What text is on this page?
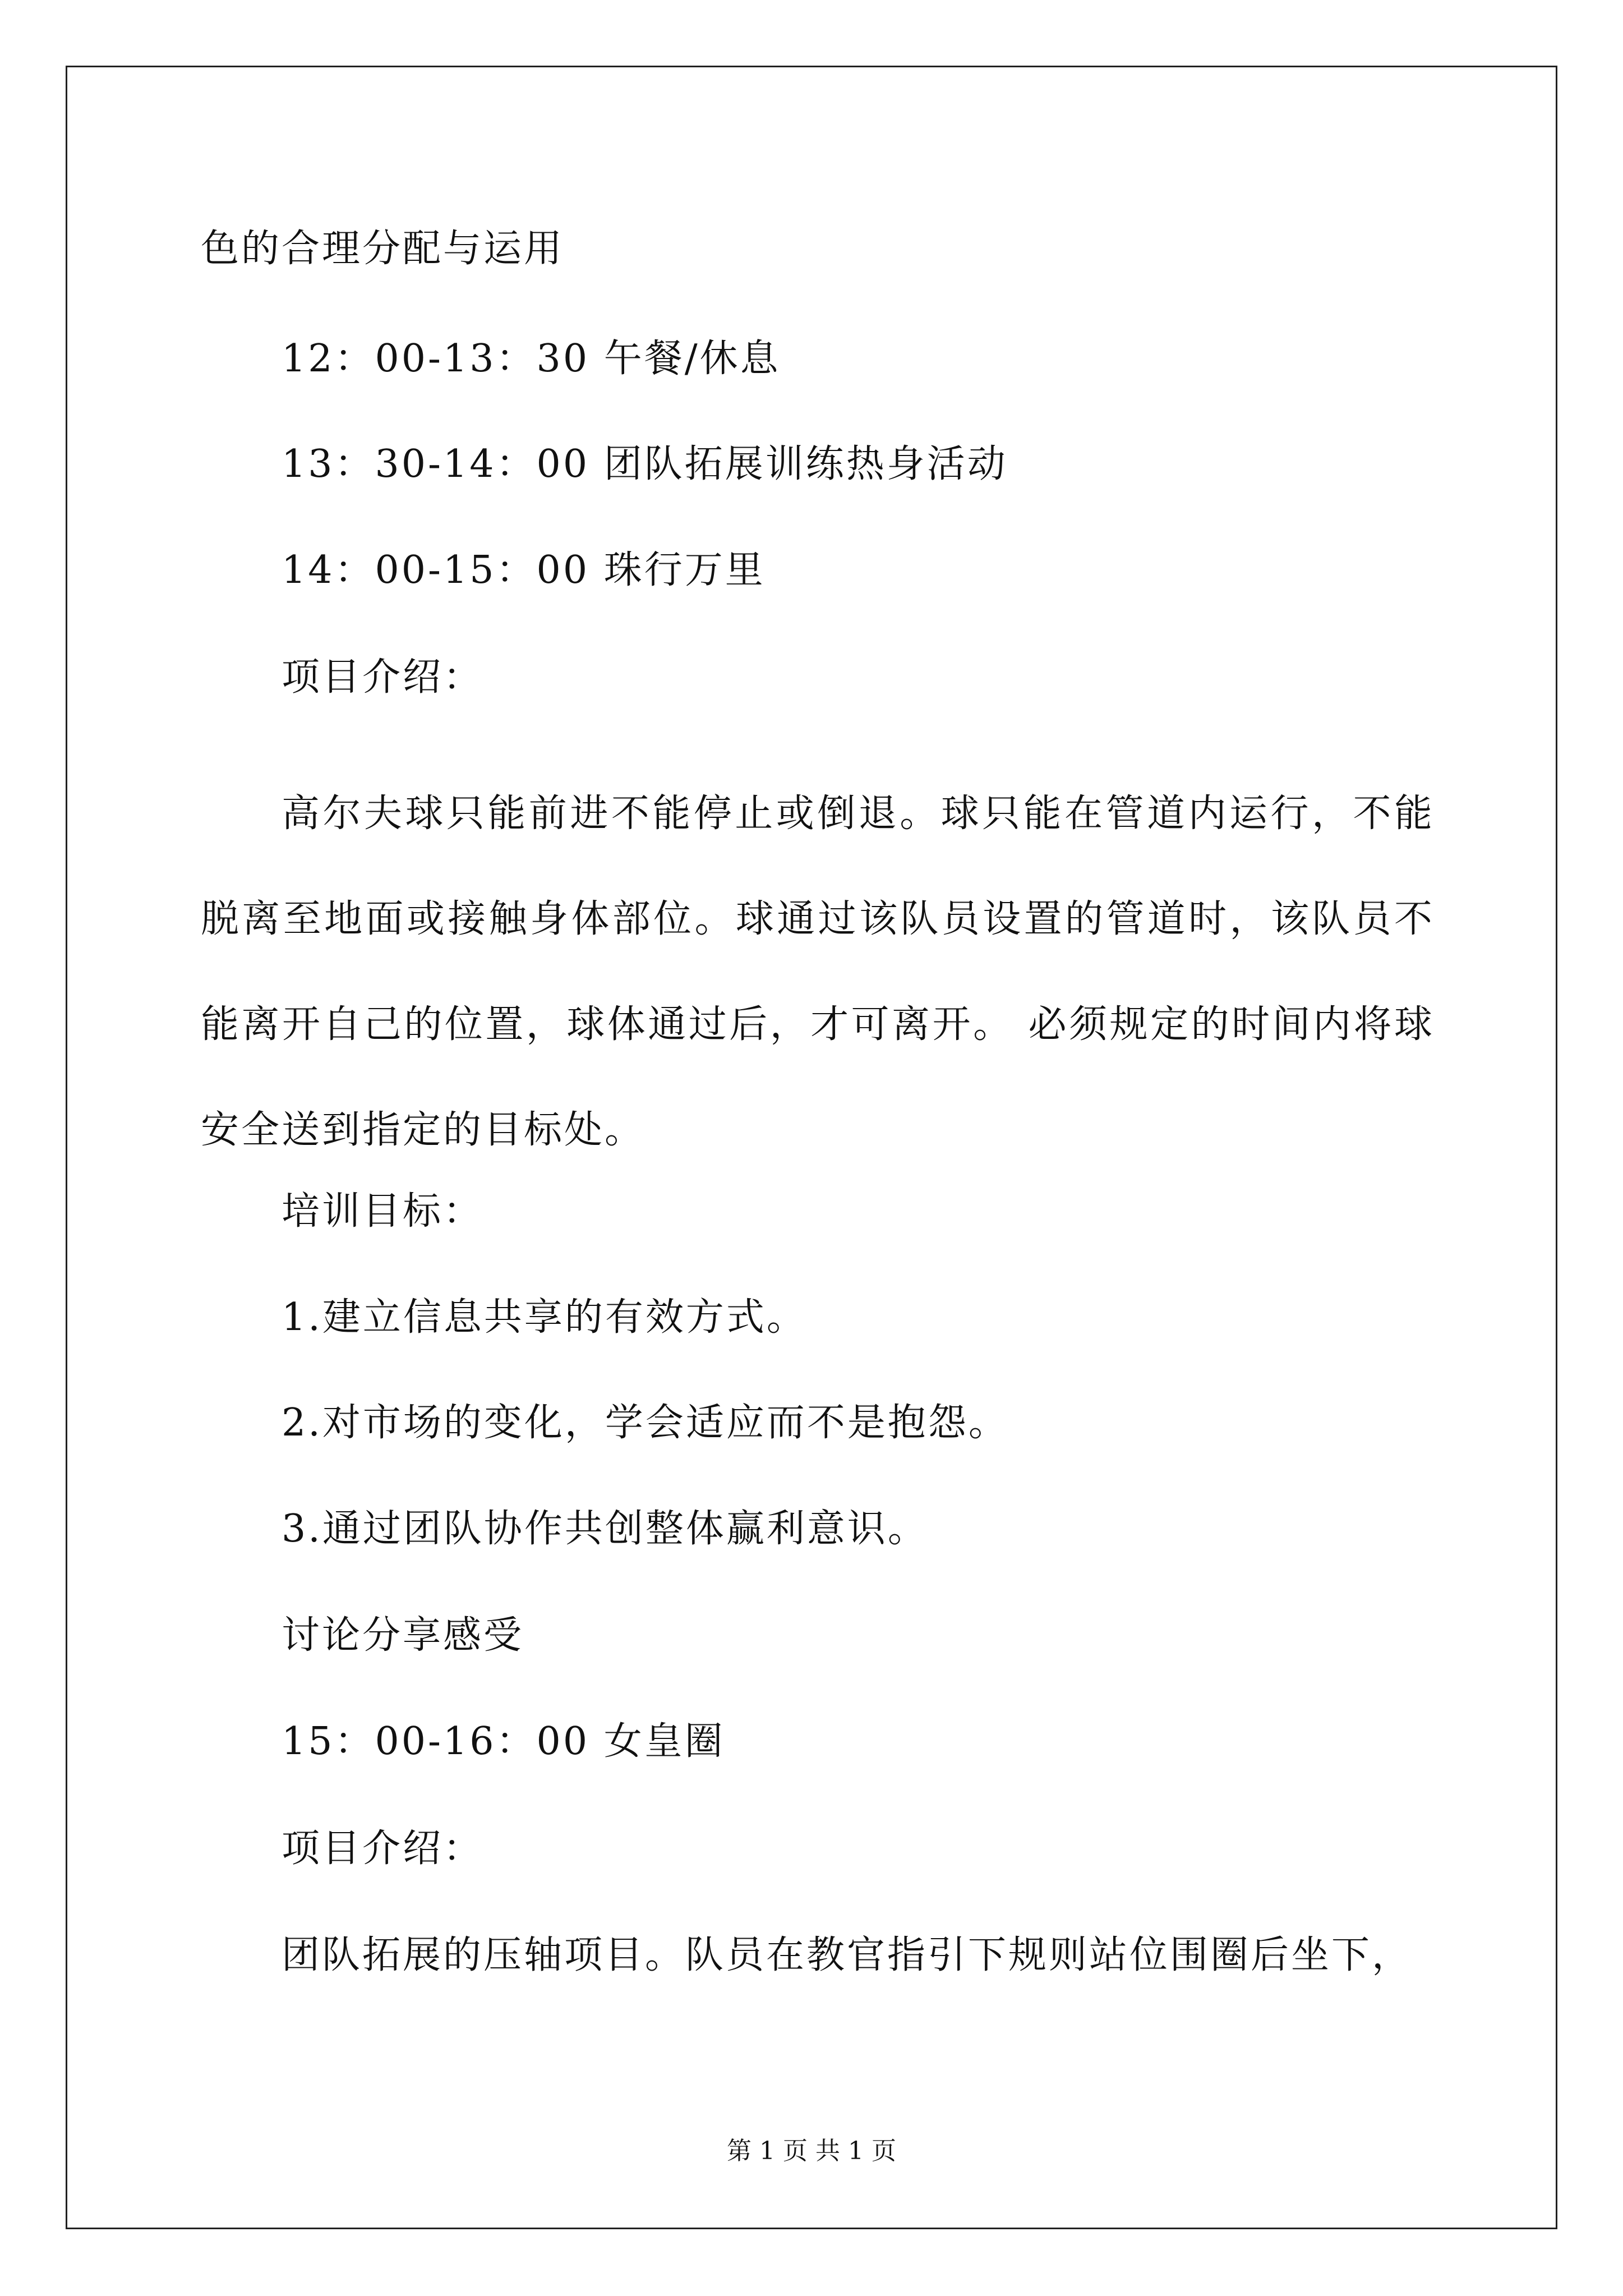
色的合理分配与运用
12：00-13：30 午餐/休息
13：30-14：00 团队拓展训练热身活动
14：00-15：00 珠行万里
项目介绍：
高尔夫球只能前进不能停止或倒退。球只能在管道内运行，不能脱离至地面或接触身体部位。球通过该队员设置的管道时，该队员不能离开自己的位置，球体通过后，才可离开。 必须规定的时间内将球安全送到指定的目标处。
培训目标：
1.建立信息共享的有效方式。
2.对市场的变化，学会适应而不是抱怨。
3.通过团队协作共创整体赢利意识。
讨论分享感受
15：00-16：00 女皇圈
项目介绍：
团队拓展的压轴项目。队员在教官指引下规则站位围圈后坐下，
第 1 页 共 1 页
